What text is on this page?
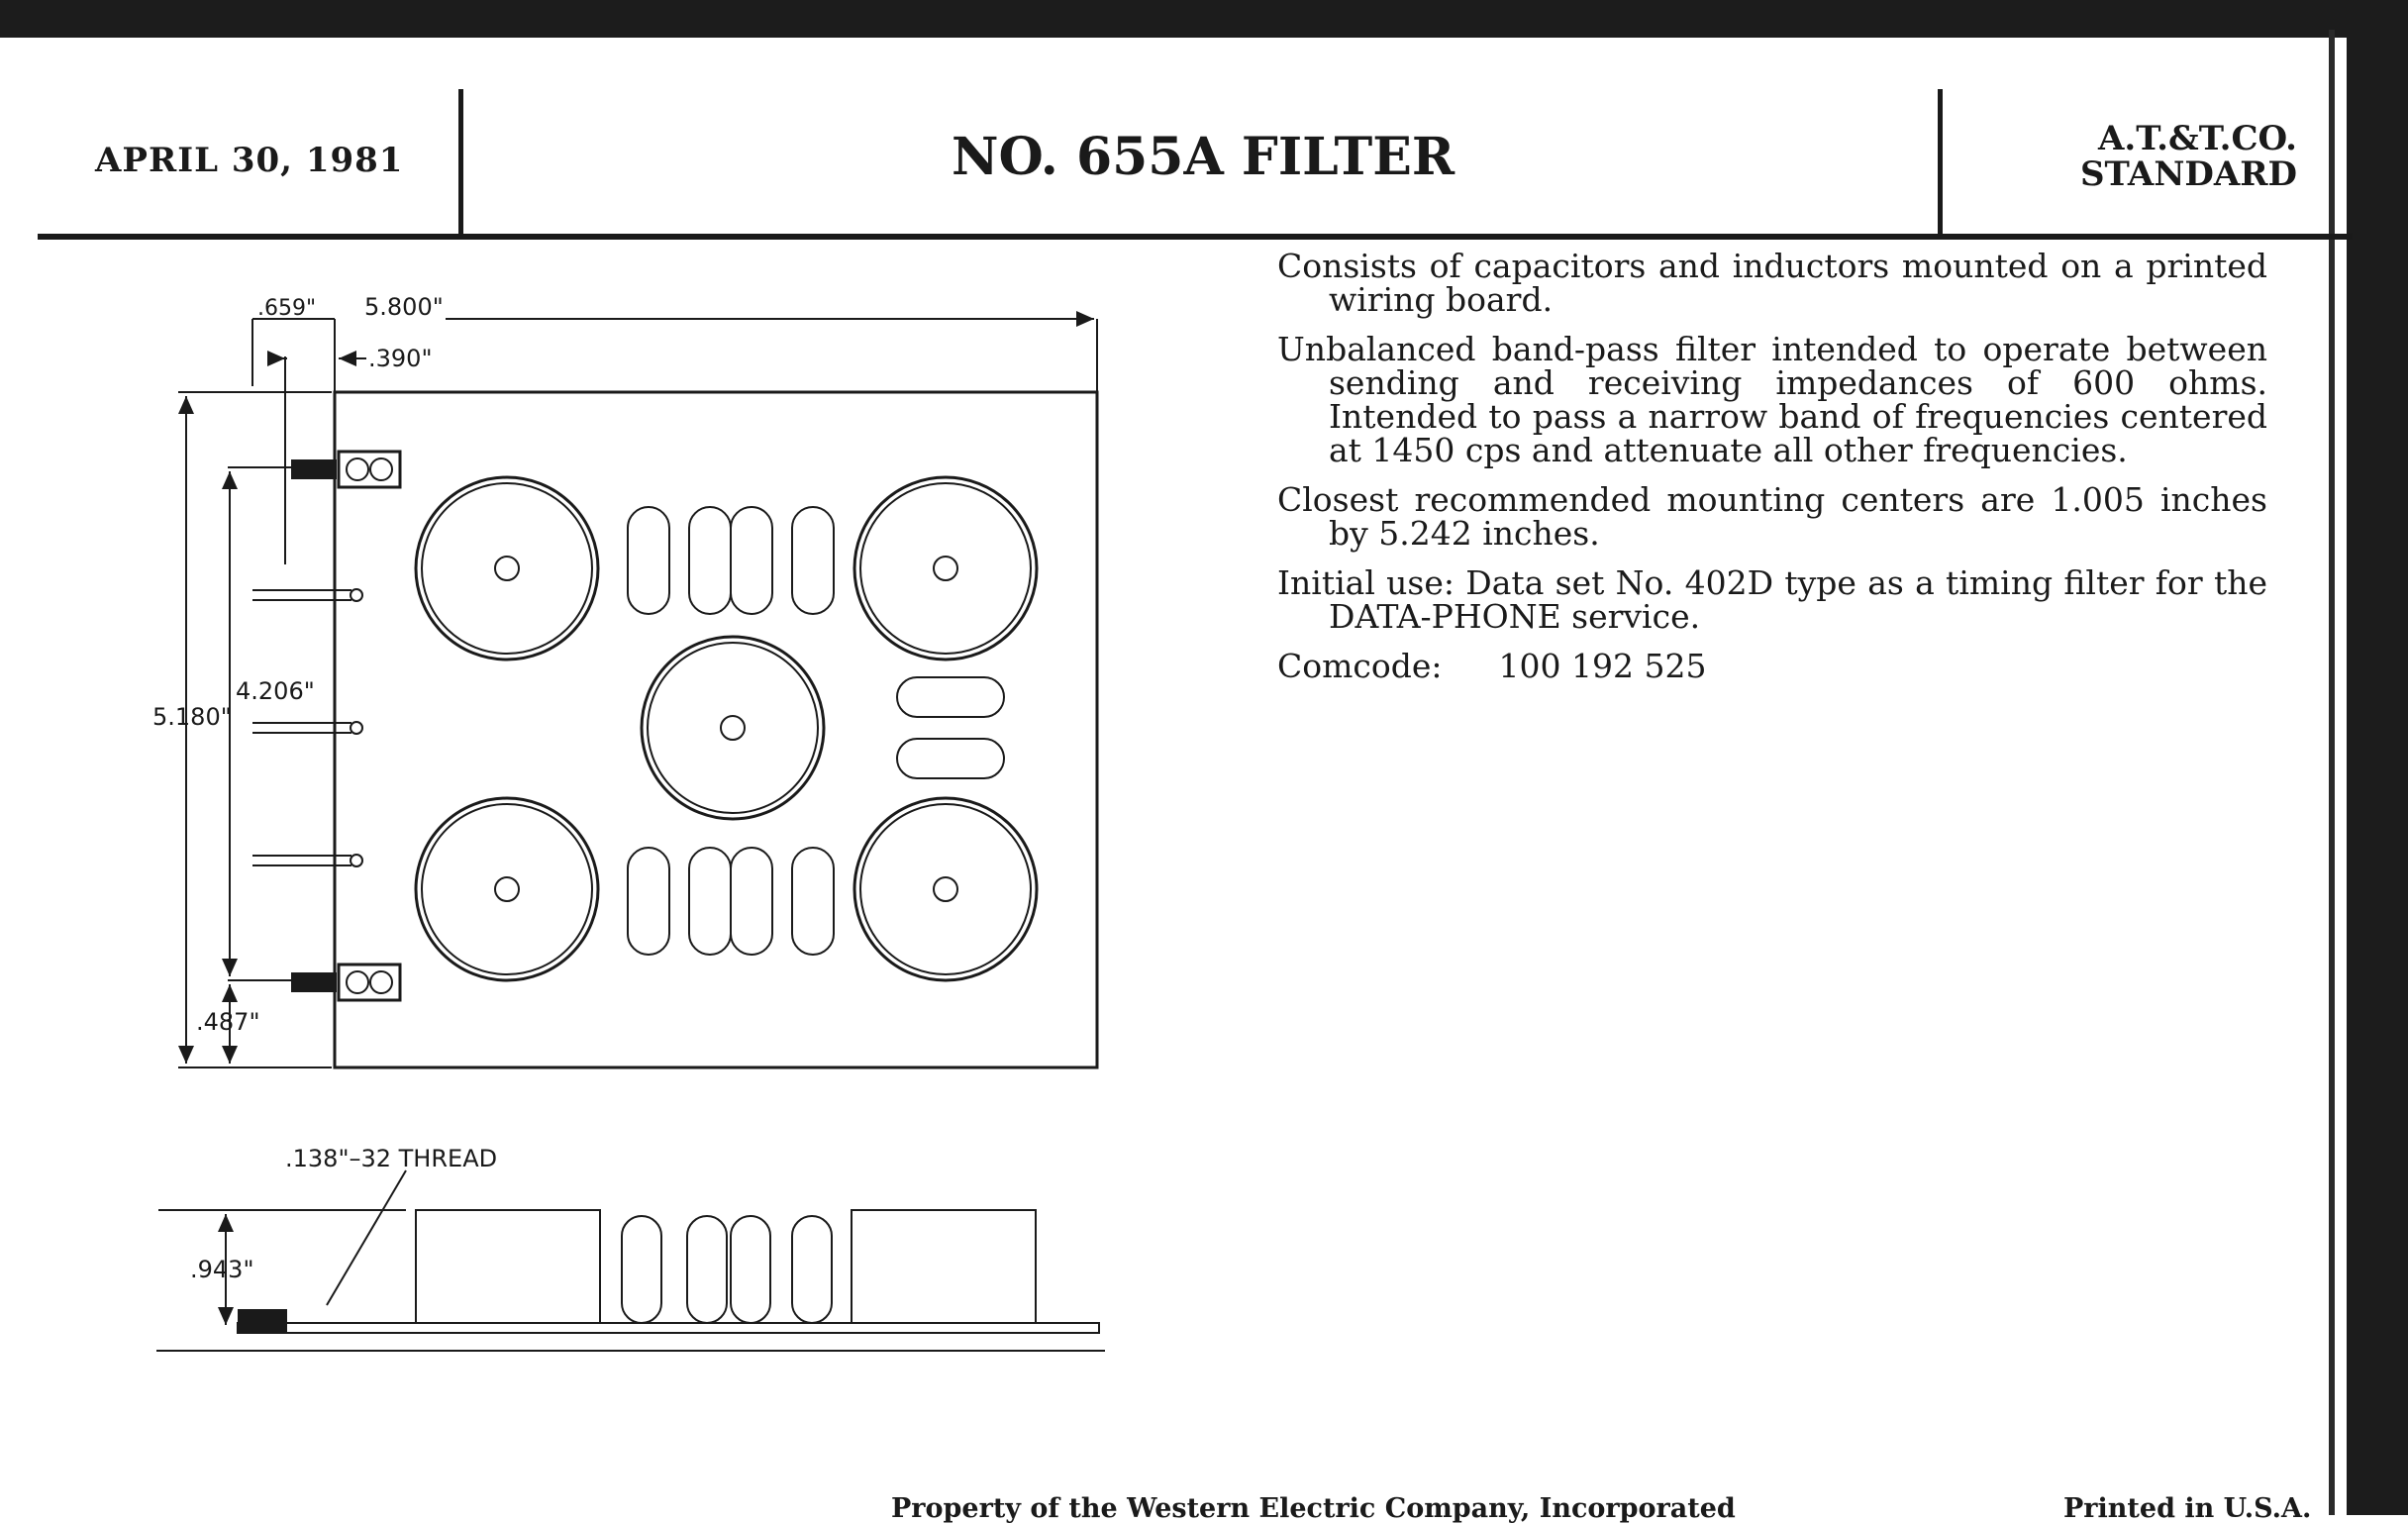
APRIL 30, 1981	NO. 655A FILTER	A.T.&T.CO.
STANDARD
.659" 5.800"
.390"
4.206"
5.180"
.487"
.138"–32 THREAD
.943"

Consists of capacitors and inductors mounted on a printed wiring board.

Unbalanced band-pass filter intended to operate between sending and receiving impedances of 600 ohms. Intended to pass a narrow band of frequencies centered at 1450 cps and attenuate all other frequencies.

Closest recommended mounting centers are 1.005 inches by 5.242 inches.

Initial use: Data set No. 402D type as a timing filter for the DATA-PHONE service.

Comcode: 100 192 525
Property of the Western Electric Company, Incorporated	Printed in U.S.A.
